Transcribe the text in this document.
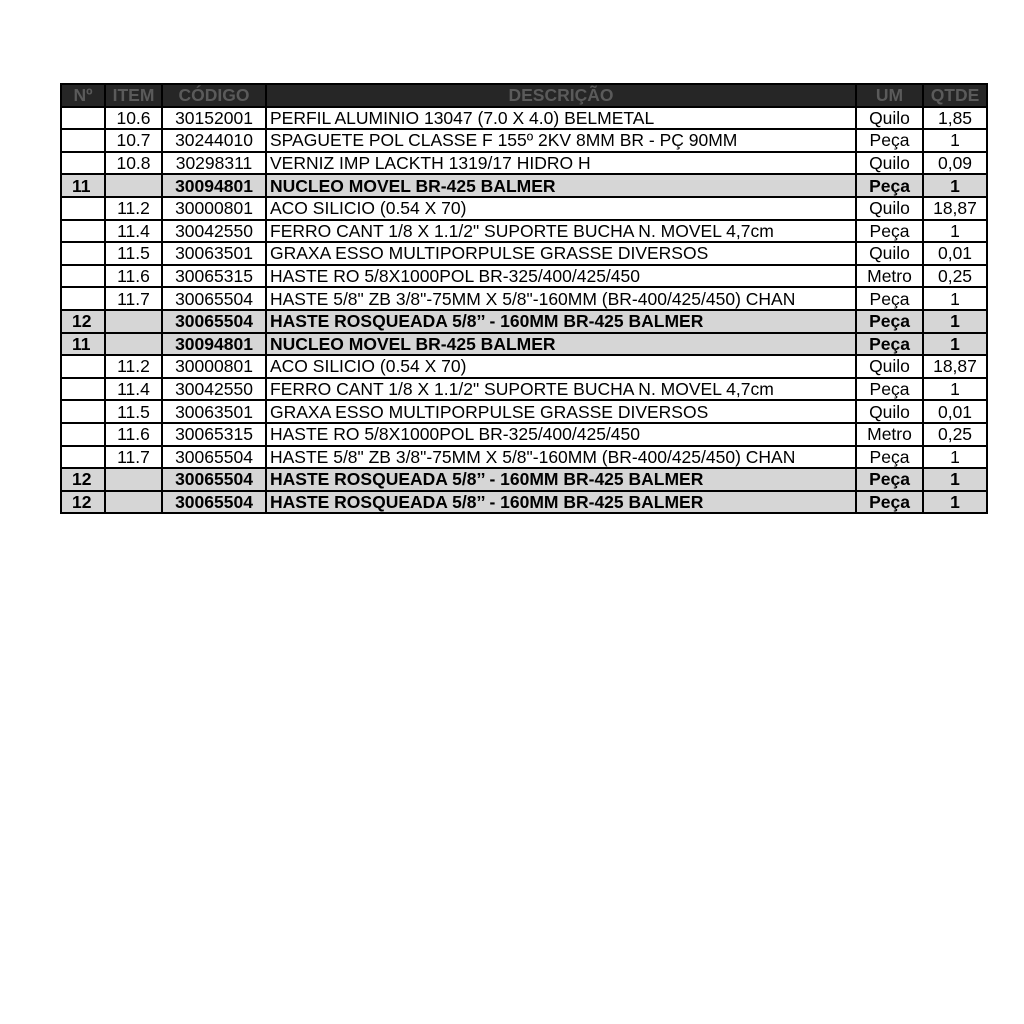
Nº	ITEM	CÓDIGO	DESCRIÇÃO	UM	QTDE
	10.6	30152001	PERFIL ALUMINIO 13047 (7.0 X 4.0) BELMETAL	Quilo	1,85
	10.7	30244010	SPAGUETE POL CLASSE F 155º 2KV 8MM BR - PÇ 90MM	Peça	1
	10.8	30298311	VERNIZ IMP LACKTH 1319/17 HIDRO H	Quilo	0,09
11		30094801	NUCLEO MOVEL BR-425 BALMER	Peça	1
	11.2	30000801	ACO SILICIO (0.54 X 70)	Quilo	18,87
	11.4	30042550	FERRO CANT 1/8 X 1.1/2" SUPORTE BUCHA N. MOVEL 4,7cm	Peça	1
	11.5	30063501	GRAXA ESSO MULTIPORPULSE GRASSE DIVERSOS	Quilo	0,01
	11.6	30065315	HASTE RO 5/8X1000POL BR-325/400/425/450	Metro	0,25
	11.7	30065504	HASTE 5/8" ZB 3/8"-75MM X 5/8"-160MM (BR-400/425/450) CHAN	Peça	1
12		30065504	HASTE ROSQUEADA 5/8’’ - 160MM BR-425 BALMER	Peça	1
11		30094801	NUCLEO MOVEL BR-425 BALMER	Peça	1
	11.2	30000801	ACO SILICIO (0.54 X 70)	Quilo	18,87
	11.4	30042550	FERRO CANT 1/8 X 1.1/2" SUPORTE BUCHA N. MOVEL 4,7cm	Peça	1
	11.5	30063501	GRAXA ESSO MULTIPORPULSE GRASSE DIVERSOS	Quilo	0,01
	11.6	30065315	HASTE RO 5/8X1000POL BR-325/400/425/450	Metro	0,25
	11.7	30065504	HASTE 5/8" ZB 3/8"-75MM X 5/8"-160MM (BR-400/425/450) CHAN	Peça	1
12		30065504	HASTE ROSQUEADA 5/8’’ - 160MM BR-425 BALMER	Peça	1
12		30065504	HASTE ROSQUEADA 5/8’’ - 160MM BR-425 BALMER	Peça	1
